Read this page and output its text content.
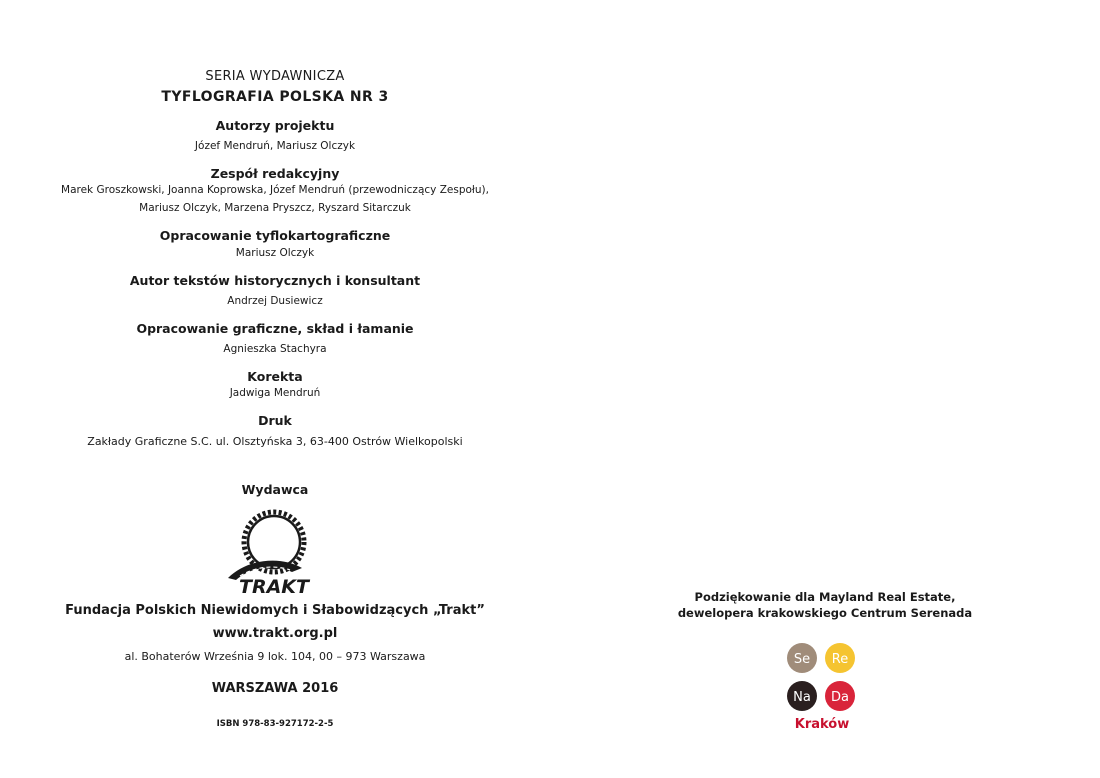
SERIA WYDAWNICZA

TYFLOGRAFIA POLSKA NR 3

Autorzy projektu

Józef Mendruń, Mariusz Olczyk

Zespół redakcyjny

Marek Groszkowski, Joanna Koprowska, Józef Mendruń (przewodniczący Zespołu),

Mariusz Olczyk, Marzena Pryszcz, Ryszard Sitarczuk

Opracowanie tyflokartograficzne

Mariusz Olczyk

Autor tekstów historycznych i konsultant

Andrzej Dusiewicz

Opracowanie graficzne, skład i łamanie

Agnieszka Stachyra

Korekta

Jadwiga Mendruń

Druk

Zakłady Graficzne S.C. ul. Olsztyńska 3, 63-400 Ostrów Wielkopolski

Wydawca

TRAKT

Fundacja Polskich Niewidomych i Słabowidzących „Trakt”

www.trakt.org.pl

al. Bohaterów Września 9 lok. 104, 00 – 973 Warszawa

WARSZAWA 2016

ISBN 978-83-927172-2-5

Podziękowanie dla Mayland Real Estate,

dewelopera krakowskiego Centrum Serenada

Se Re
Na Da
Kraków
